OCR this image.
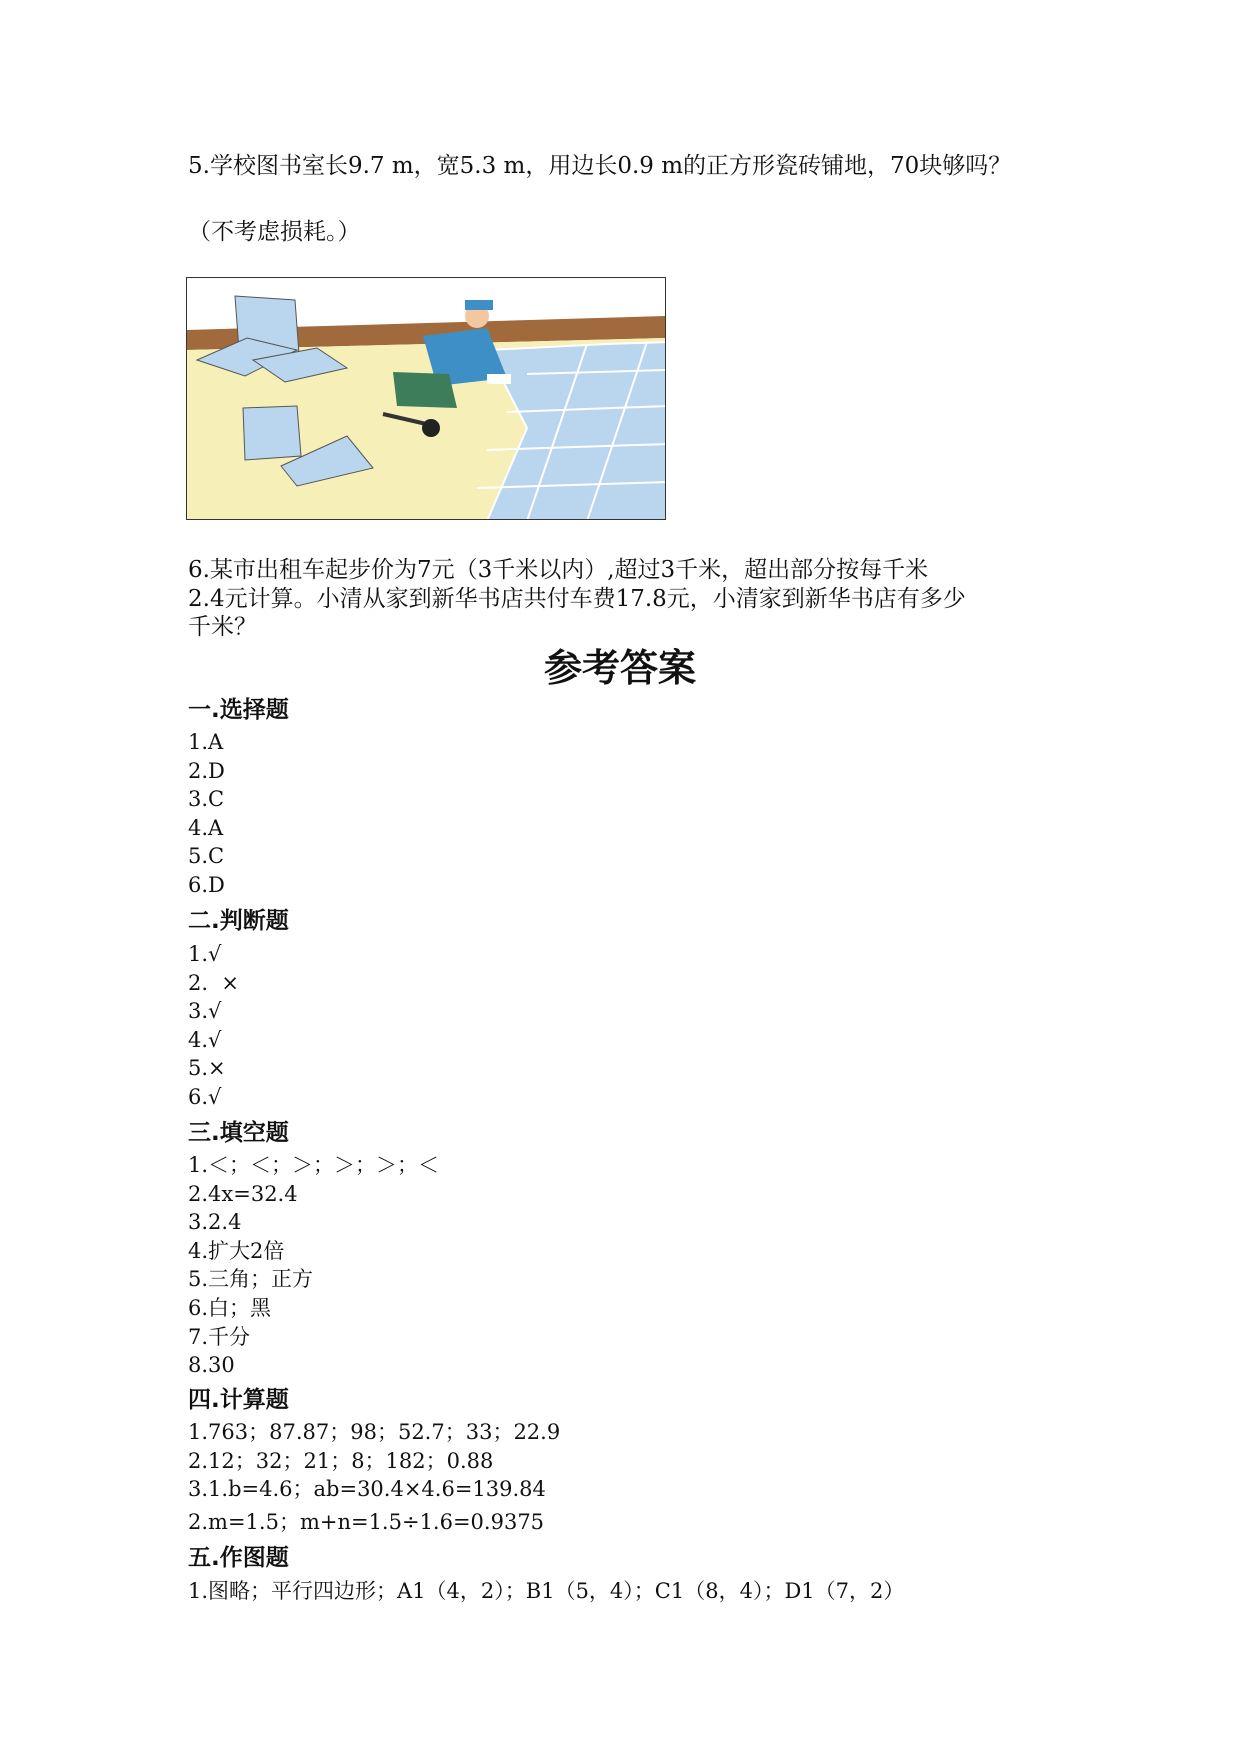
5.学校图书室长9.7 m，宽5.3 m，用边长0.9 m的正方形瓷砖铺地，70块够吗？
（不考虑损耗。）
6.某市出租车起步价为7元（3千米以内）,超过3千米，超出部分按每千米
2.4元计算。小清从家到新华书店共付车费17.8元，小清家到新华书店有多少
千米？
参考答案
一.选择题
1.A
2.D
3.C
4.A
5.C
6.D
二.判断题
1.√
2.  ×
3.√
4.√
5.×
6.√
三.填空题
1.＜；＜；＞；＞；＞；＜
2.4x=32.4
3.2.4
4.扩大2倍
5.三角；正方
6.白；黑
7.千分
8.30
四.计算题
1.763；87.87；98；52.7；33；22.9
2.12；32；21；8；182；0.88
3.1.b=4.6；ab=30.4×4.6=139.84
2.m=1.5；m+n=1.5÷1.6=0.9375
五.作图题
1.图略；平行四边形；A1（4，2）；B1（5，4）；C1（8，4）；D1（7，2）
